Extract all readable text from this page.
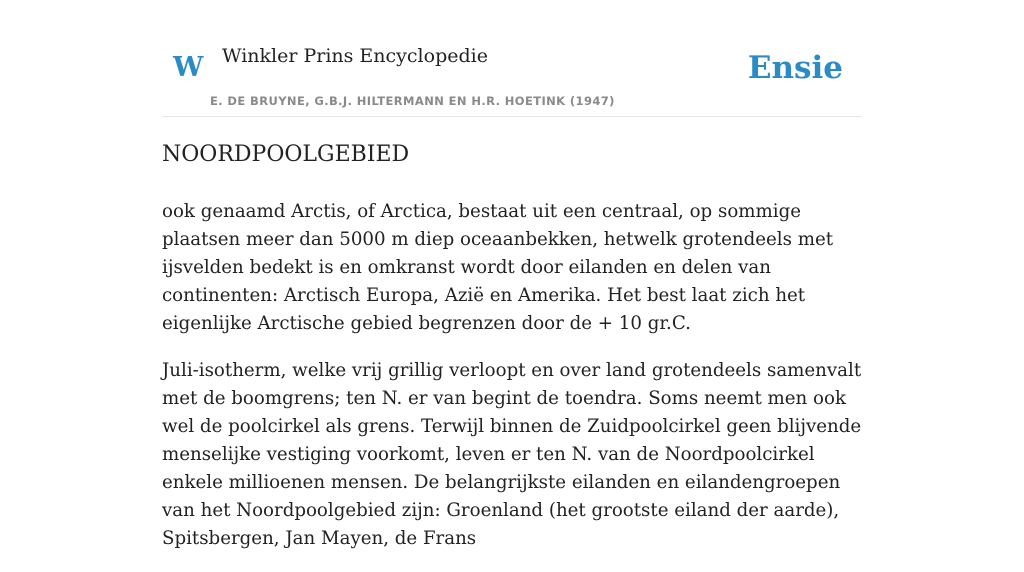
W Winkler Prins Encyclopedie
E. DE BRUYNE, G.B.J. HILTERMANN EN H.R. HOETINK (1947)
Ensie
NOORDPOOLGEBIED

ook genaamd Arctis, of Arctica, bestaat uit een centraal, op sommige plaatsen meer dan 5000 m diep oceaanbekken, hetwelk grotendeels met ijsvelden bedekt is en omkranst wordt door eilanden en delen van continenten: Arctisch Europa, Azië en Amerika. Het best laat zich het eigenlijke Arctische gebied begrenzen door de + 10 gr.C.

Juli-isotherm, welke vrij grillig verloopt en over land grotendeels samenvalt met de boomgrens; ten N. er van begint de toendra. Soms neemt men ook wel de poolcirkel als grens. Terwijl binnen de Zuidpoolcirkel geen blijvende menselijke vestiging voorkomt, leven er ten N. van de Noordpoolcirkel enkele millioenen mensen. De belangrijkste eilanden en eilandengroepen van het Noordpoolgebied zijn: Groenland (het grootste eiland der aarde), Spitsbergen, Jan Mayen, de Frans
